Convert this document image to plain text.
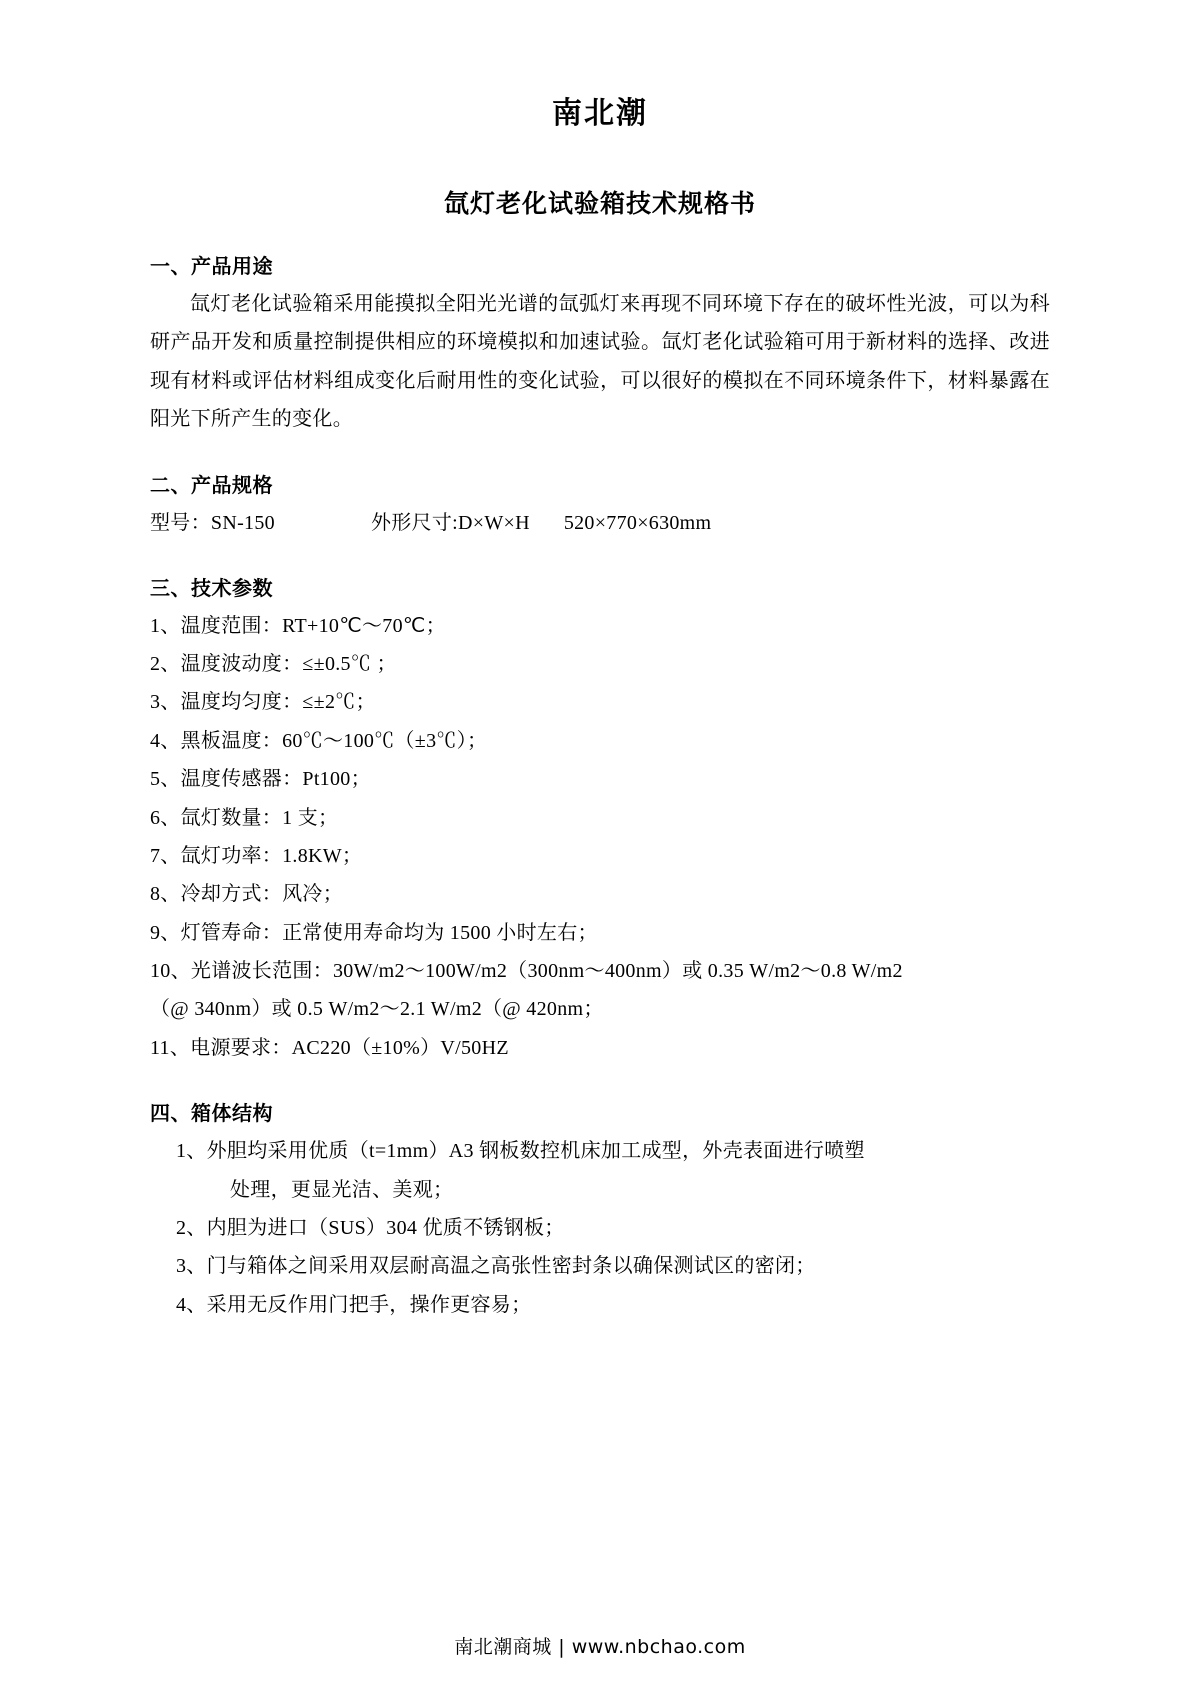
南北潮
氙灯老化试验箱技术规格书
一、产品用途

氙灯老化试验箱采用能摸拟全阳光光谱的氙弧灯来再现不同环境下存在的破坏性光波，可以为科研产品开发和质量控制提供相应的环境模拟和加速试验。氙灯老化试验箱可用于新材料的选择、改进现有材料或评估材料组成变化后耐用性的变化试验，可以很好的模拟在不同环境条件下，材料暴露在阳光下所产生的变化。

二、产品规格

型号：SN-150	外形尺寸:D×W×H 520×770×630mm

三、技术参数

1、温度范围：RT+10℃～70℃；

2、温度波动度：≤±0.5℃ ；

3、温度均匀度：≤±2℃；

4、黑板温度：60℃～100℃（±3℃）；

5、温度传感器：Pt100；

6、氙灯数量：1 支；

7、氙灯功率：1.8KW；

8、冷却方式：风冷；

9、灯管寿命：正常使用寿命均为 1500 小时左右；

10、光谱波长范围：30W/m2～100W/m2（300nm～400nm）或 0.35 W/m2～0.8 W/m2
（@ 340nm）或 0.5 W/m2～2.1 W/m2（@ 420nm；

11、电源要求：AC220（±10%）V/50HZ

四、箱体结构

1、外胆均采用优质（t=1mm）A3 钢板数控机床加工成型，外壳表面进行喷塑
处理，更显光洁、美观；

2、内胆为进口（SUS）304 优质不锈钢板；

3、门与箱体之间采用双层耐高温之高张性密封条以确保测试区的密闭；

4、采用无反作用门把手，操作更容易；

南北潮商城 | www.nbchao.com
